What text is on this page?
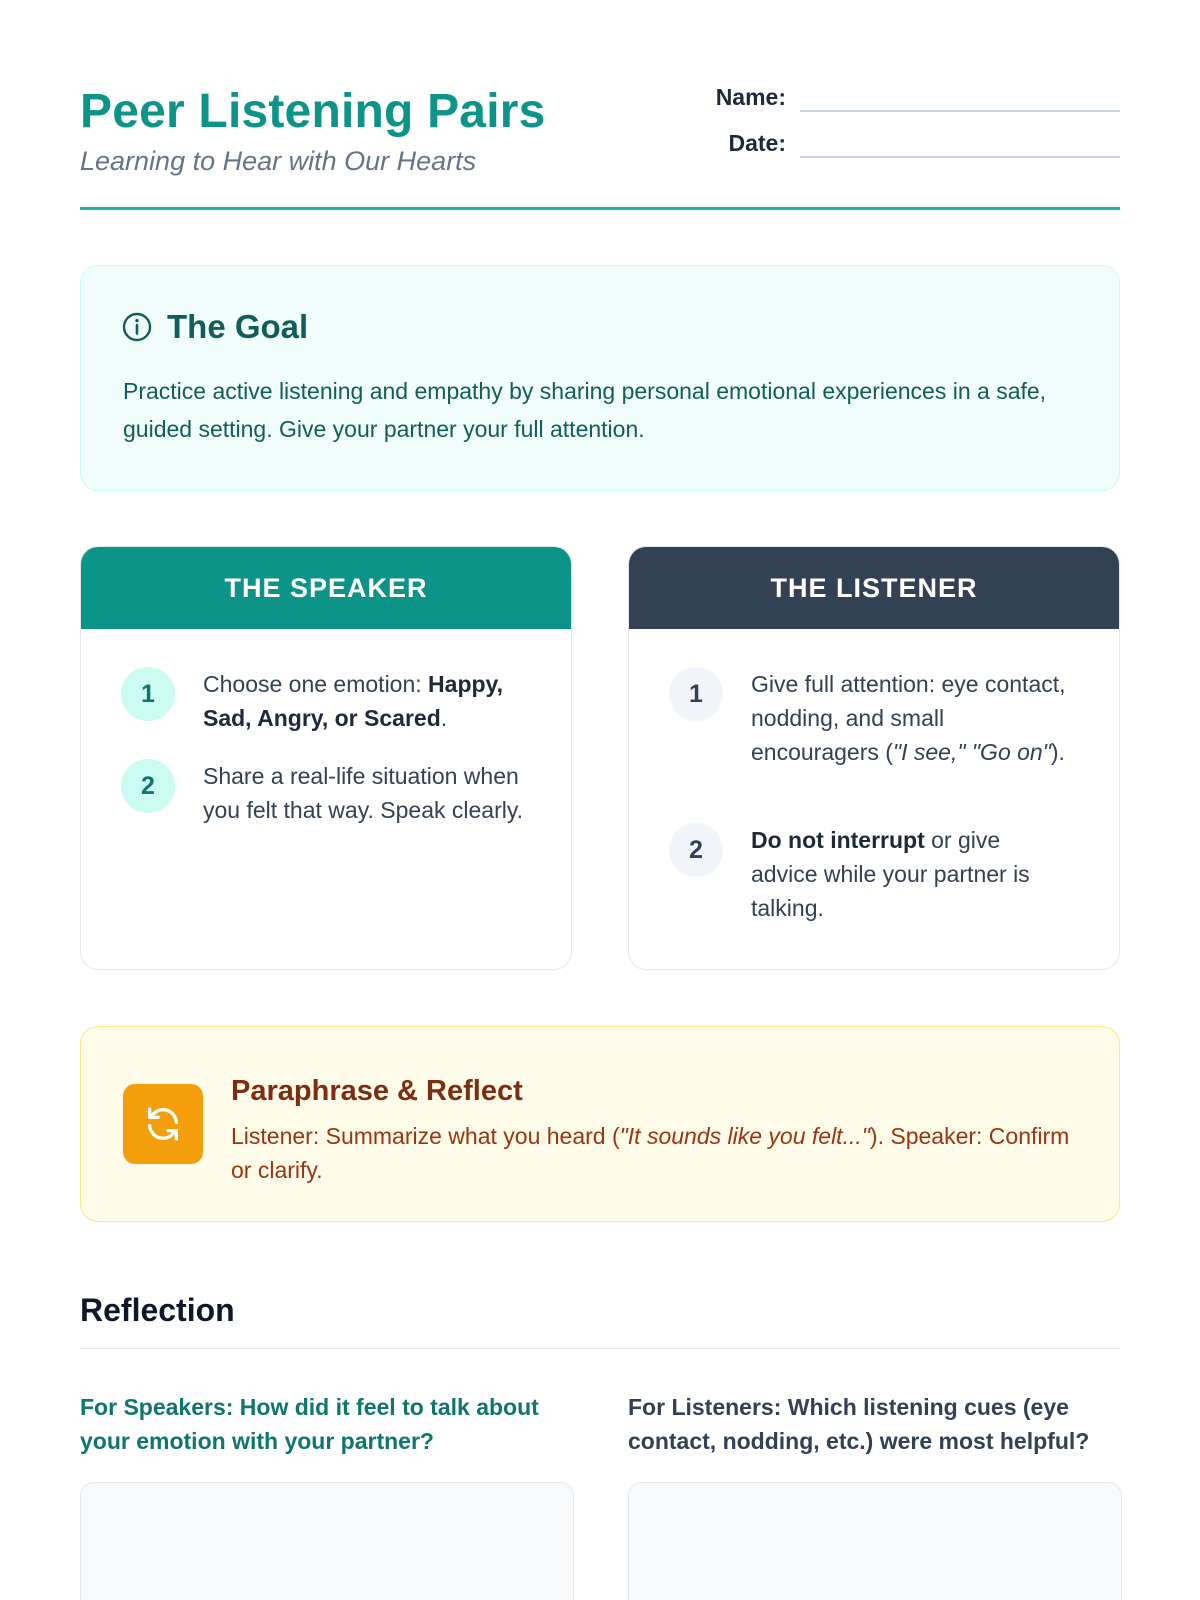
Peer Listening Pairs
Learning to Hear with Our Hearts
Name:
Date:
The Goal
Practice active listening and empathy by sharing personal emotional experiences in a safe, guided setting. Give your partner your full attention.
THE SPEAKER
1	Choose one emotion: Happy, Sad, Angry, or Scared.
2	Share a real-life situation when you felt that way. Speak clearly.
THE LISTENER
1	Give full attention: eye contact, nodding, and small encouragers ("I see," "Go on").
2	Do not interrupt or give advice while your partner is talking.
Paraphrase & Reflect
Listener: Summarize what you heard ("It sounds like you felt..."). Speaker: Confirm or clarify.
Reflection
For Speakers: How did it feel to talk about your emotion with your partner?
For Listeners: Which listening cues (eye contact, nodding, etc.) were most helpful?
